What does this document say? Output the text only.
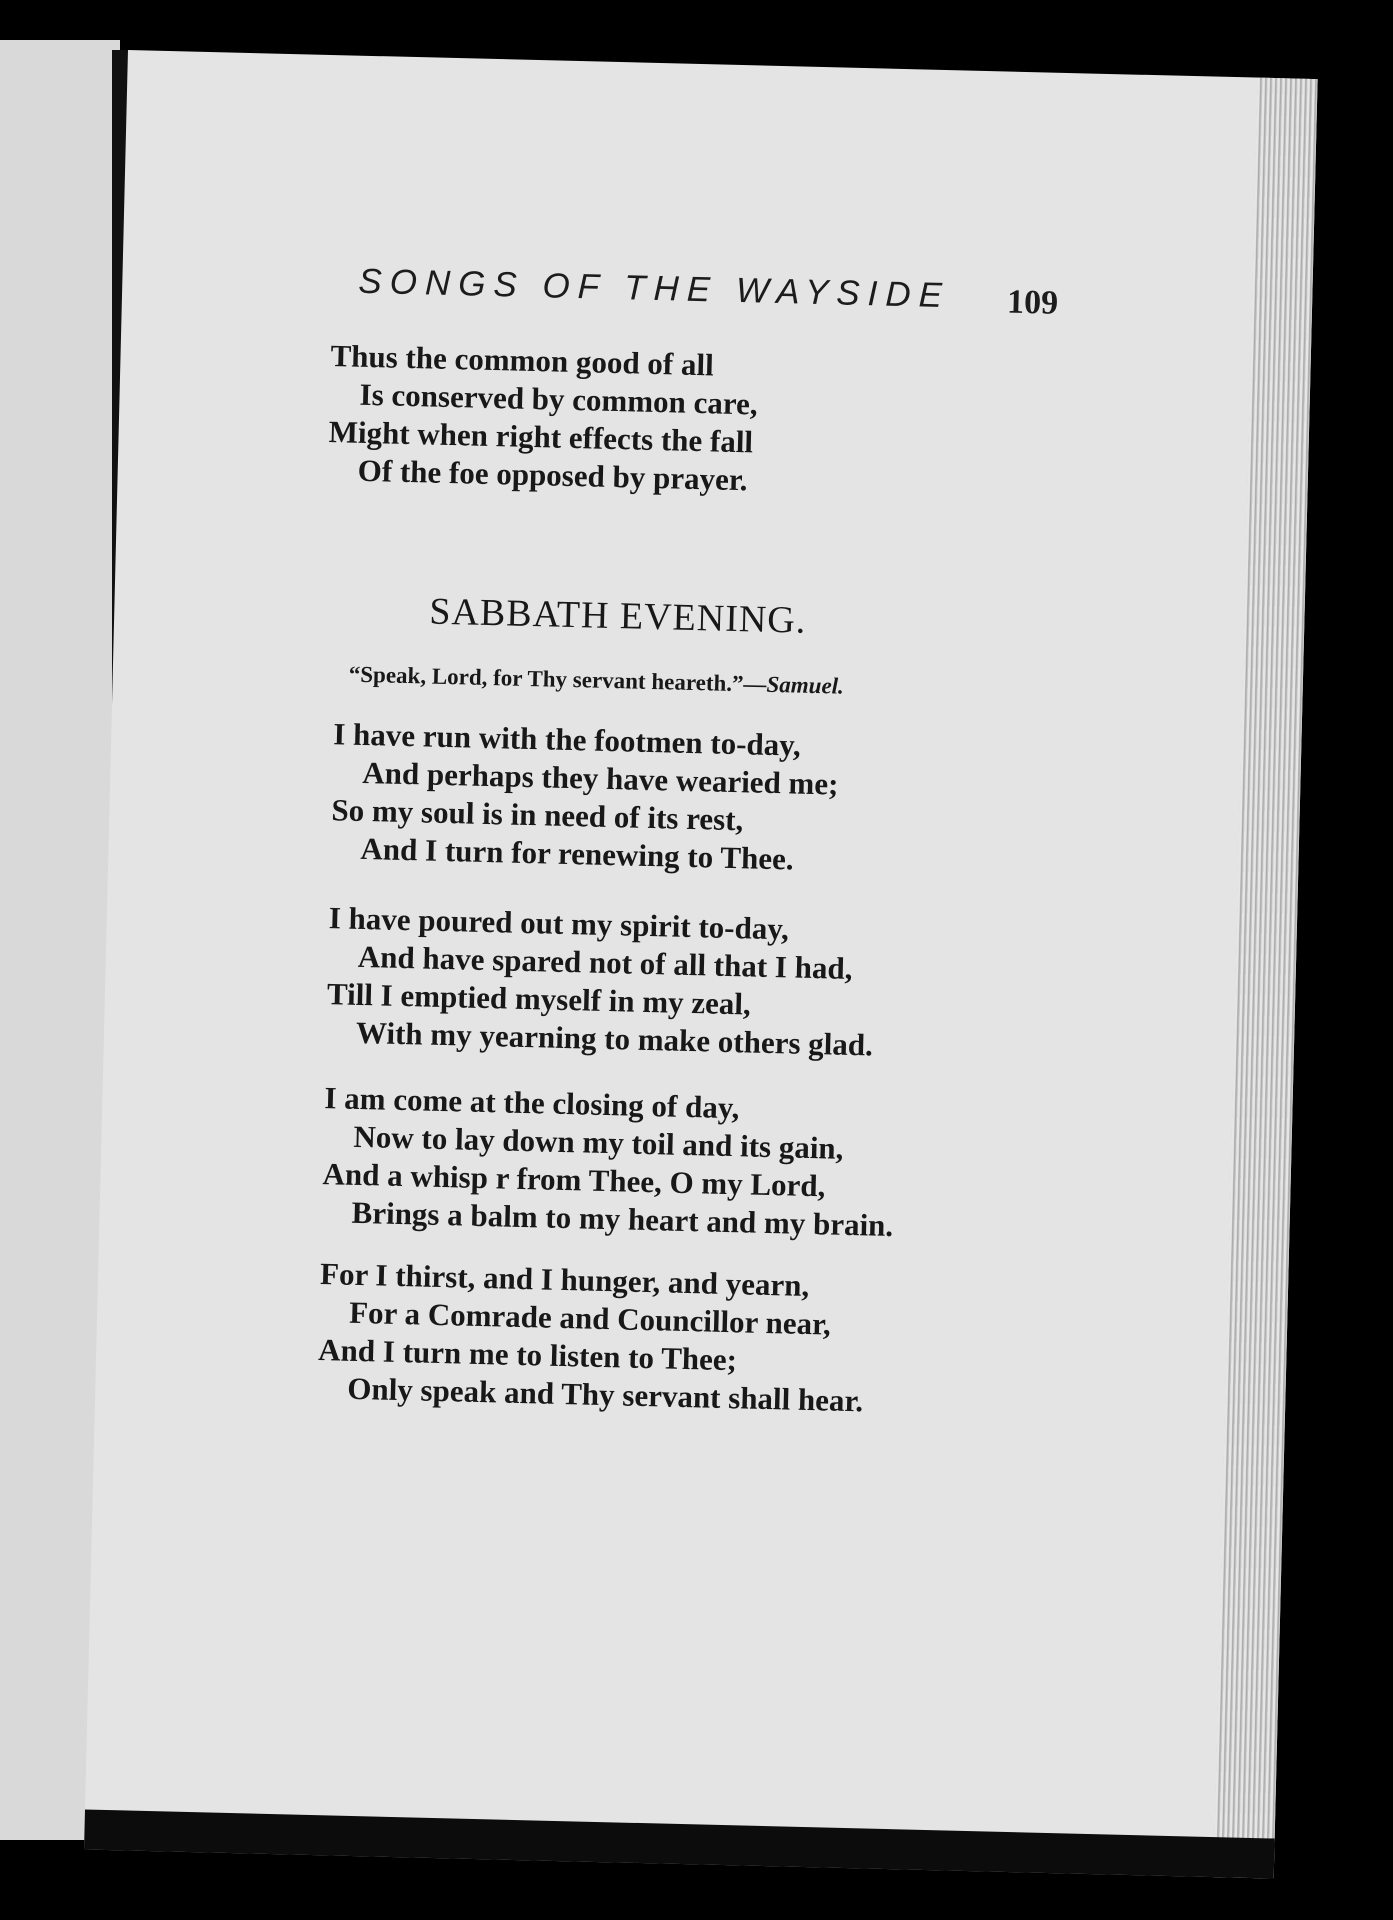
SONGS OF THE WAYSIDE 109
Thus the common good of all
Is conserved by common care,
Might when right effects the fall
Of the foe opposed by prayer.
SABBATH EVENING.
“Speak, Lord, for Thy servant heareth.”—Samuel.
I have run with the footmen to-day,
And perhaps they have wearied me;
So my soul is in need of its rest,
And I turn for renewing to Thee.
I have poured out my spirit to-day,
And have spared not of all that I had,
Till I emptied myself in my zeal,
With my yearning to make others glad.
I am come at the closing of day,
Now to lay down my toil and its gain,
And a whisp r from Thee, O my Lord,
Brings a balm to my heart and my brain.
For I thirst, and I hunger, and yearn,
For a Comrade and Councillor near,
And I turn me to listen to Thee;
Only speak and Thy servant shall hear.
